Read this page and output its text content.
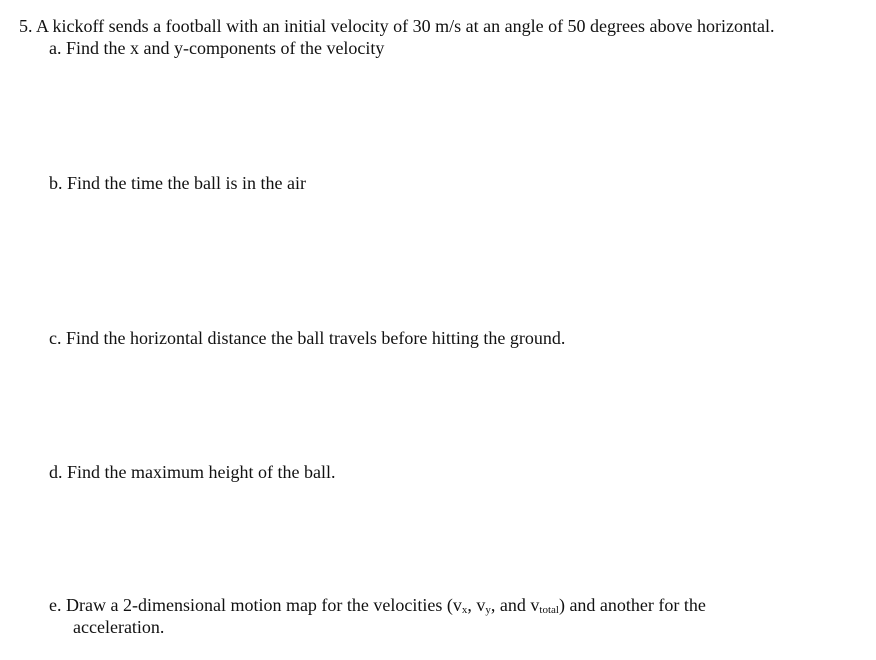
5. A kickoff sends a football with an initial velocity of 30 m/s at an angle of 50 degrees above horizontal.
a. Find the x and y-components of the velocity
b. Find the time the ball is in the air
c. Find the horizontal distance the ball travels before hitting the ground.
d. Find the maximum height of the ball.
e. Draw a 2-dimensional motion map for the velocities ($v_x$, $v_y$, and $v_{total}$) and another for the
acceleration.
